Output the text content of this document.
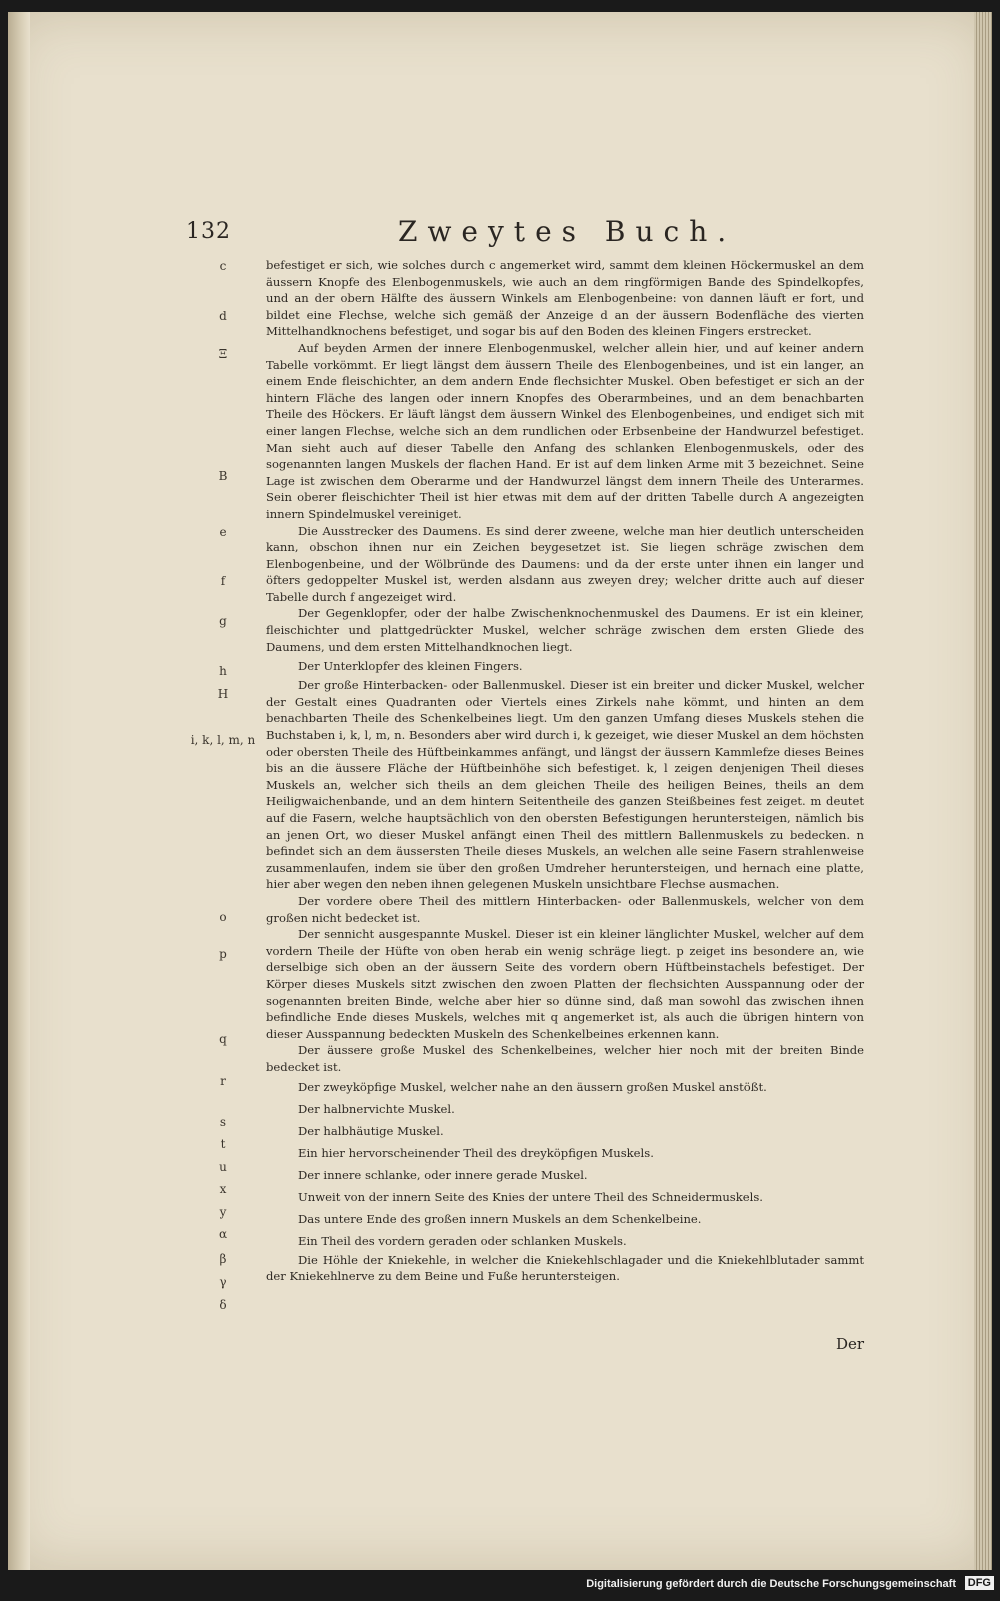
132	Zweytes Buch.
c
d
Ξ
B
e
f
g
h
H
i, k, l, m, n
o
p
q
r
s
t
u
x
y
α
β
γ
δ

befestiget er sich, wie solches durch c angemerket wird, sammt dem kleinen Höckermuskel an dem äussern Knopfe des Elenbogenmuskels, wie auch an dem ringförmigen Bande des Spindelkopfes, und an der obern Hälfte des äussern Winkels am Elenbogenbeine: von dannen läuft er fort, und bildet eine Flechse, welche sich gemäß der Anzeige d an der äussern Bodenfläche des vierten Mittelhandknochens befestiget, und sogar bis auf den Boden des kleinen Fingers erstrecket.

Auf beyden Armen der innere Elenbogenmuskel, welcher allein hier, und auf keiner andern Tabelle vorkömmt. Er liegt längst dem äussern Theile des Elenbogenbeines, und ist ein langer, an einem Ende fleischichter, an dem andern Ende flechsichter Muskel. Oben befestiget er sich an der hintern Fläche des langen oder innern Knopfes des Oberarmbeines, und an dem benachbarten Theile des Höckers. Er läuft längst dem äussern Winkel des Elenbogenbeines, und endiget sich mit einer langen Flechse, welche sich an dem rundlichen oder Erbsenbeine der Handwurzel befestiget. Man sieht auch auf dieser Tabelle den Anfang des schlanken Elenbogenmuskels, oder des sogenannten langen Muskels der flachen Hand. Er ist auf dem linken Arme mit Ʒ bezeichnet. Seine Lage ist zwischen dem Oberarme und der Handwurzel längst dem innern Theile des Unterarmes. Sein oberer fleischichter Theil ist hier etwas mit dem auf der dritten Tabelle durch A angezeigten innern Spindelmuskel vereiniget.

Die Ausstrecker des Daumens. Es sind derer zweene, welche man hier deutlich unterscheiden kann, obschon ihnen nur ein Zeichen beygesetzet ist. Sie liegen schräge zwischen dem Elenbogenbeine, und der Wölbründe des Daumens: und da der erste unter ihnen ein langer und öfters gedoppelter Muskel ist, werden alsdann aus zweyen drey; welcher dritte auch auf dieser Tabelle durch f angezeiget wird.

Der Gegenklopfer, oder der halbe Zwischenknochenmuskel des Daumens. Er ist ein kleiner, fleischichter und plattgedrückter Muskel, welcher schräge zwischen dem ersten Gliede des Daumens, und dem ersten Mittelhandknochen liegt.

Der Unterklopfer des kleinen Fingers.

Der große Hinterbacken- oder Ballenmuskel. Dieser ist ein breiter und dicker Muskel, welcher der Gestalt eines Quadranten oder Viertels eines Zirkels nahe kömmt, und hinten an dem benachbarten Theile des Schenkelbeines liegt. Um den ganzen Umfang dieses Muskels stehen die Buchstaben i, k, l, m, n. Besonders aber wird durch i, k gezeiget, wie dieser Muskel an dem höchsten oder obersten Theile des Hüftbeinkammes anfängt, und längst der äussern Kammlefze dieses Beines bis an die äussere Fläche der Hüftbeinhöhe sich befestiget. k, l zeigen denjenigen Theil dieses Muskels an, welcher sich theils an dem gleichen Theile des heiligen Beines, theils an dem Heiligwaichenbande, und an dem hintern Seitentheile des ganzen Steißbeines fest zeiget. m deutet auf die Fasern, welche hauptsächlich von den obersten Befestigungen heruntersteigen, nämlich bis an jenen Ort, wo dieser Muskel anfängt einen Theil des mittlern Ballenmuskels zu bedecken. n befindet sich an dem äussersten Theile dieses Muskels, an welchen alle seine Fasern strahlenweise zusammenlaufen, indem sie über den großen Umdreher heruntersteigen, und hernach eine platte, hier aber wegen den neben ihnen gelegenen Muskeln unsichtbare Flechse ausmachen.

Der vordere obere Theil des mittlern Hinterbacken- oder Ballenmuskels, welcher von dem großen nicht bedecket ist.

Der sennicht ausgespannte Muskel. Dieser ist ein kleiner länglichter Muskel, welcher auf dem vordern Theile der Hüfte von oben herab ein wenig schräge liegt. p zeiget ins besondere an, wie derselbige sich oben an der äussern Seite des vordern obern Hüftbeinstachels befestiget. Der Körper dieses Muskels sitzt zwischen den zwoen Platten der flechsichten Ausspannung oder der sogenannten breiten Binde, welche aber hier so dünne sind, daß man sowohl das zwischen ihnen befindliche Ende dieses Muskels, welches mit q angemerket ist, als auch die übrigen hintern von dieser Ausspannung bedeckten Muskeln des Schenkelbeines erkennen kann.

Der äussere große Muskel des Schenkelbeines, welcher hier noch mit der breiten Binde bedecket ist.

Der zweyköpfige Muskel, welcher nahe an den äussern großen Muskel anstößt.

Der halbnervichte Muskel.

Der halbhäutige Muskel.

Ein hier hervorscheinender Theil des dreyköpfigen Muskels.

Der innere schlanke, oder innere gerade Muskel.

Unweit von der innern Seite des Knies der untere Theil des Schneidermuskels.

Das untere Ende des großen innern Muskels an dem Schenkelbeine.

Ein Theil des vordern geraden oder schlanken Muskels.

Die Höhle der Kniekehle, in welcher die Kniekehlschlagader und die Kniekehlblutader sammt der Kniekehlnerve zu dem Beine und Fuße heruntersteigen.

Der
Digitalisierung gefördert durch die Deutsche Forschungsgemeinschaft DFG
